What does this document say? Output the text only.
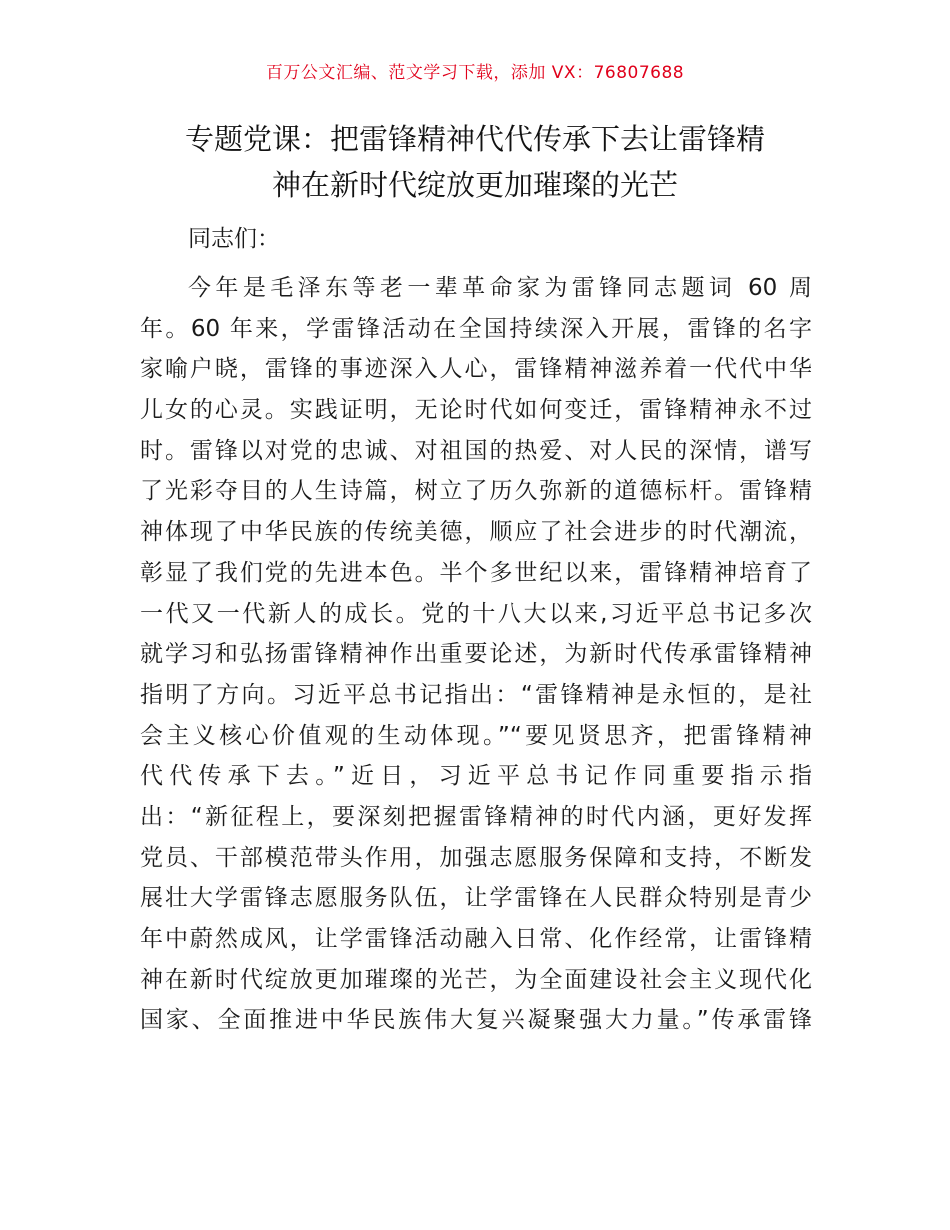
百万公文汇编、范文学习下载，添加 VX：76807688
专题党课：把雷锋精神代代传承下去让雷锋精
神在新时代绽放更加璀璨的光芒

同志们：

今年是毛泽东等老一辈革命家为雷锋同志题词 60 周
年。60 年来，学雷锋活动在全国持续深入开展，雷锋的名字
家喻户晓，雷锋的事迹深入人心，雷锋精神滋养着一代代中华
儿女的心灵。实践证明，无论时代如何变迁，雷锋精神永不过
时。雷锋以对党的忠诚、对祖国的热爱、对人民的深情，谱写
了光彩夺目的人生诗篇，树立了历久弥新的道德标杆。雷锋精
神体现了中华民族的传统美德，顺应了社会进步的时代潮流，
彰显了我们党的先进本色。半个多世纪以来，雷锋精神培育了
一代又一代新人的成长。党的十八大以来,习近平总书记多次
就学习和弘扬雷锋精神作出重要论述，为新时代传承雷锋精神
指明了方向。习近平总书记指出：“雷锋精神是永恒的，是社
会主义核心价值观的生动体现。”“要见贤思齐，把雷锋精神
代代传承下去。”近日，习近平总书记作同重要指示指
出：“新征程上，要深刻把握雷锋精神的时代内涵，更好发挥
党员、干部模范带头作用，加强志愿服务保障和支持，不断发
展壮大学雷锋志愿服务队伍，让学雷锋在人民群众特别是青少
年中蔚然成风，让学雷锋活动融入日常、化作经常，让雷锋精
神在新时代绽放更加璀璨的光芒，为全面建设社会主义现代化
国家、全面推进中华民族伟大复兴凝聚强大力量。”传承雷锋
